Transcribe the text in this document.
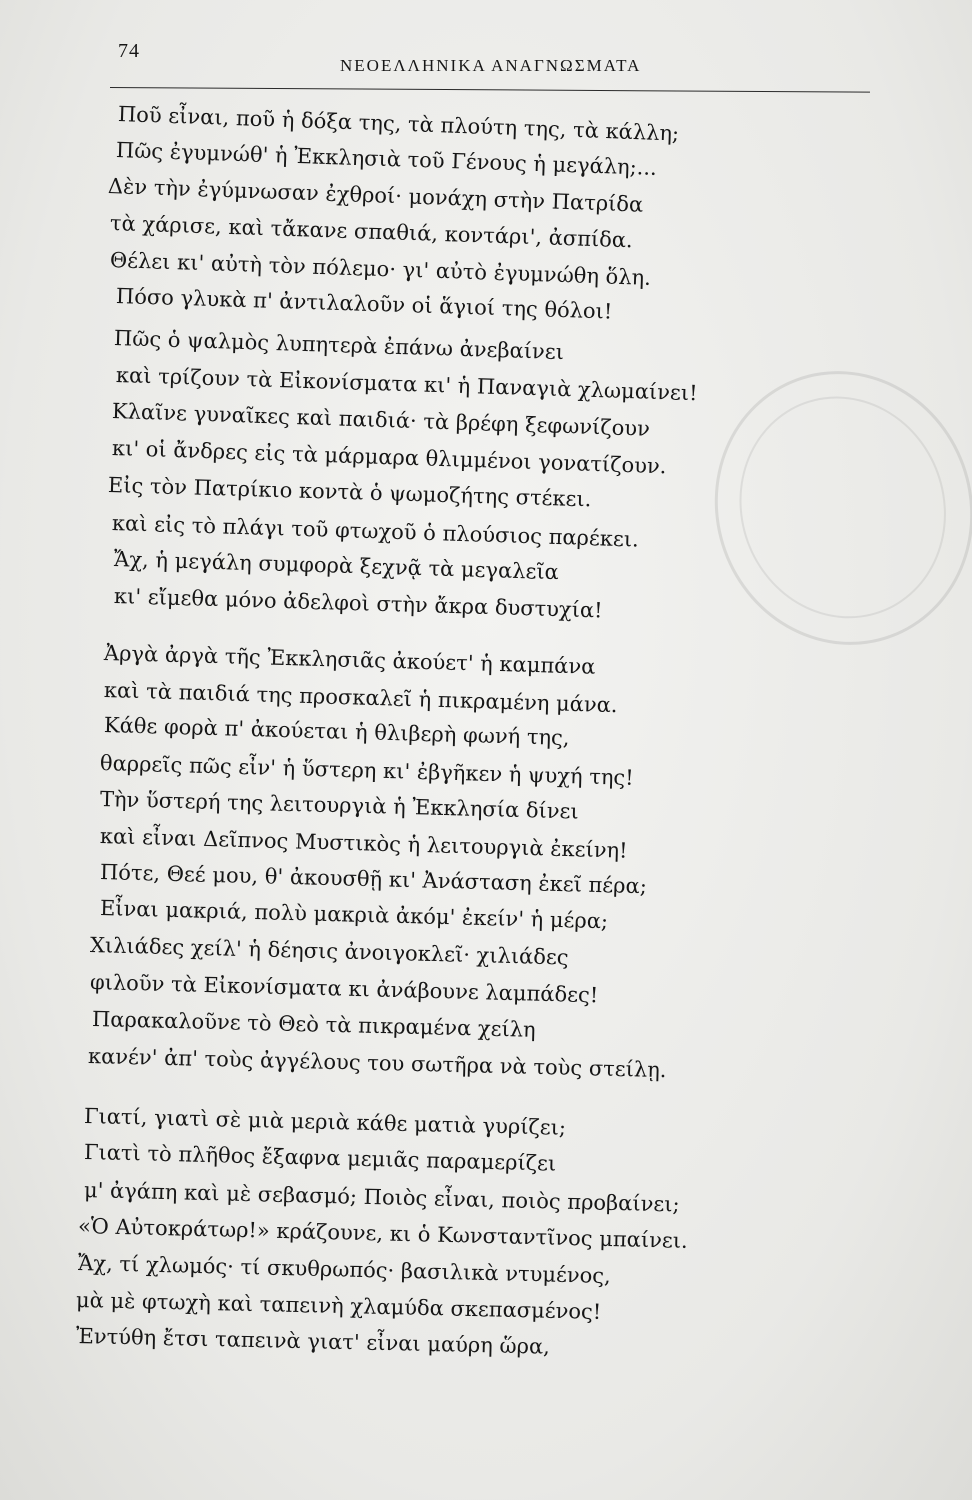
74
ΝΕΟΕΛΛΗΝΙΚΑ ΑΝΑΓΝΩΣΜΑΤΑ
Ποῦ εἶναι, ποῦ ἡ δόξα της, τὰ πλούτη της, τὰ κάλλη;
Πῶς ἐγυμνώθ' ἡ Ἐκκλησιὰ τοῦ Γένους ἡ μεγάλη;...
Δὲν τὴν ἐγύμνωσαν ἐχθροί· μονάχη στὴν Πατρίδα
τὰ χάρισε, καὶ τἄκανε σπαθιά, κοντάρι', ἀσπίδα.
Θέλει κι' αὐτὴ τὸν πόλεμο· γι' αὐτὸ ἐγυμνώθη ὅλη.
Πόσο γλυκὰ π' ἀντιλαλοῦν οἱ ἅγιοί της θόλοι!
Πῶς ὁ ψαλμὸς λυπητερὰ ἐπάνω ἀνεβαίνει
καὶ τρίζουν τὰ Εἰκονίσματα κι' ἡ Παναγιὰ χλωμαίνει!
Κλαῖνε γυναῖκες καὶ παιδιά· τὰ βρέφη ξεφωνίζουν
κι' οἱ ἄνδρες εἰς τὰ μάρμαρα θλιμμένοι γονατίζουν.
Εἰς τὸν Πατρίκιο κοντὰ ὁ ψωμοζήτης στέκει.
καὶ εἰς τὸ πλάγι τοῦ φτωχοῦ ὁ πλούσιος παρέκει.
Ἄχ, ἡ μεγάλη συμφορὰ ξεχνᾷ τὰ μεγαλεῖα
κι' εἴμεθα μόνο ἀδελφοὶ στὴν ἄκρα δυστυχία!
Ἀργὰ ἀργὰ τῆς Ἐκκλησιᾶς ἀκούετ' ἡ καμπάνα
καὶ τὰ παιδιά της προσκαλεῖ ἡ πικραμένη μάνα.
Κάθε φορὰ π' ἀκούεται ἡ θλιβερὴ φωνή της,
θαρρεῖς πῶς εἶν' ἡ ὕστερη κι' ἐβγῆκεν ἡ ψυχή της!
Τὴν ὕστερή της λειτουργιὰ ἡ Ἐκκλησία δίνει
καὶ εἶναι Δεῖπνος Μυστικὸς ἡ λειτουργιὰ ἐκείνη!
Πότε, Θεέ μου, θ' ἀκουσθῇ κι' Ἀνάσταση ἐκεῖ πέρα;
Εἶναι μακριά, πολὺ μακριὰ ἀκόμ' ἐκείν' ἡ μέρα;
Χιλιάδες χείλ' ἡ δέησις ἀνοιγοκλεῖ· χιλιάδες
φιλοῦν τὰ Εἰκονίσματα κι ἀνάβουνε λαμπάδες!
Παρακαλοῦνε τὸ Θεὸ τὰ πικραμένα χείλη
κανέν' ἀπ' τοὺς ἀγγέλους του σωτῆρα νὰ τοὺς στείλῃ.
Γιατί, γιατὶ σὲ μιὰ μεριὰ κάθε ματιὰ γυρίζει;
Γιατὶ τὸ πλῆθος ἔξαφνα μεμιᾶς παραμερίζει
μ' ἀγάπη καὶ μὲ σεβασμό; Ποιὸς εἶναι, ποιὸς προβαίνει;
«Ὁ Αὐτοκράτωρ!» κράζουνε, κι ὁ Κωνσταντῖνος μπαίνει.
Ἄχ, τί χλωμός· τί σκυθρωπός· βασιλικὰ ντυμένος,
μὰ μὲ φτωχὴ καὶ ταπεινὴ χλαμύδα σκεπασμένος!
Ἐντύθη ἔτσι ταπεινὰ γιατ' εἶναι μαύρη ὥρα,
